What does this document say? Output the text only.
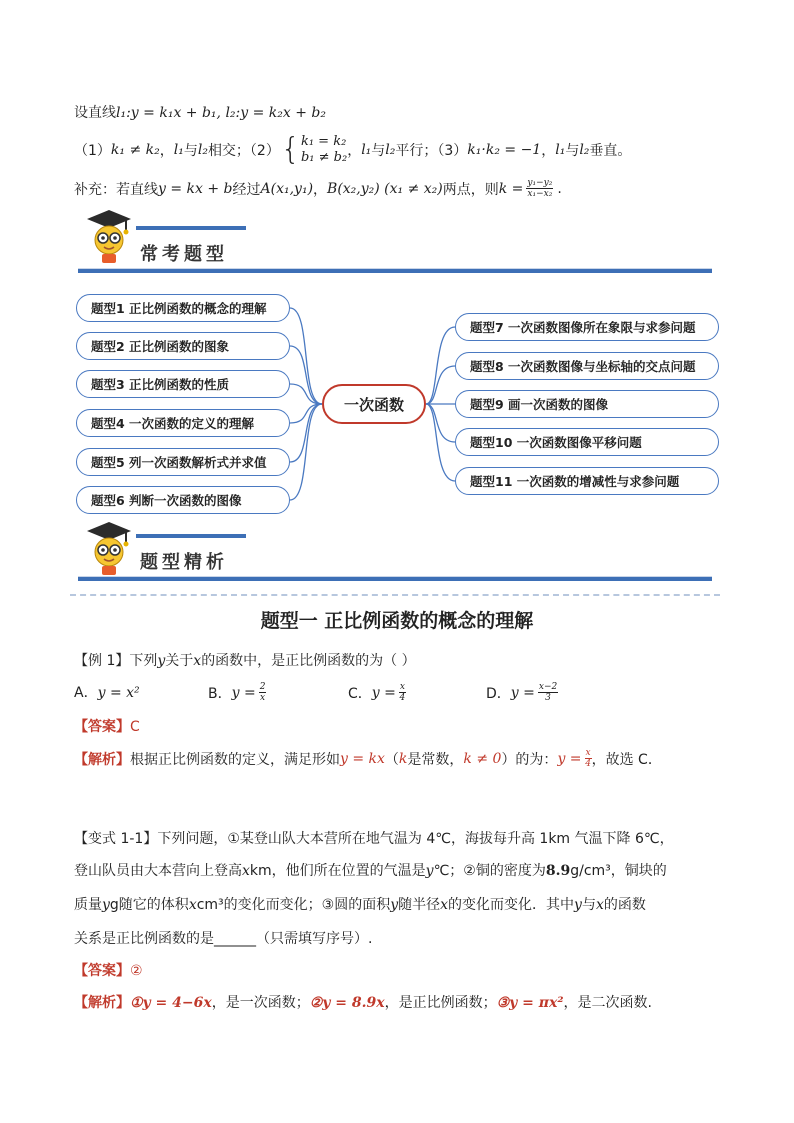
设直线l₁:y = k₁x + b₁, l₂:y = k₂x + b₂
（1） k₁ ≠ k₂ ， l₁ 与 l₂ 相交；（2） { k₁ = k₂
b₁ ≠ b₂ ， l₁ 与 l₂ 平行；（3） k₁·k₂ = −1 ， l₁ 与 l₂ 垂直。
补充：若直线 y = kx + b 经过 A(x₁,y₁) ， B(x₂,y₂) (x₁ ≠ x₂) 两点，则 $k = \frac{\text{y₁−y₂}}{\text{x₁−x₂}}$ .
常考题型
题型1 正比例函数的概念的理解
题型2 正比例函数的图象
题型3 正比例函数的性质
题型4 一次函数的定义的理解
题型5 列一次函数解析式并求值
题型6 判断一次函数的图像
一次函数
题型7 一次函数图像所在象限与求参问题
题型8 一次函数图像与坐标轴的交点问题
题型9 画一次函数的图像
题型10 一次函数图像平移问题
题型11 一次函数的增减性与求参问题
题型精析
题型一 正比例函数的概念的理解
【例 1】下列y关于x的函数中，是正比例函数的为（ ）
A．y = x²	B． $y = \frac{2}{x}$	C． $y = \frac{x}{4}$	D． $y = \frac{x-2}{3}$
【答案】C
【解析】 根据正比例函数的定义，满足形如 y = kx （ k 是常数， k ≠ 0 ）的为： $y = \frac{x}{4}$ ，故选 C．
【变式 1-1】下列问题，①某登山队大本营所在地气温为 4℃，海拔每升高 1km 气温下降 6℃，
登山队员由大本营向上登高xkm，他们所在位置的气温是y℃；②铜的密度为8.9g/cm³，铜块的
质量yg随它的体积xcm³的变化而变化；③圆的面积y随半径x的变化而变化．其中y与x的函数
关系是正比例函数的是______（只需填写序号）.
【答案】②
【解析】①y = 4−6x，是一次函数；②y = 8.9x，是正比例函数；③y = πx²，是二次函数.
